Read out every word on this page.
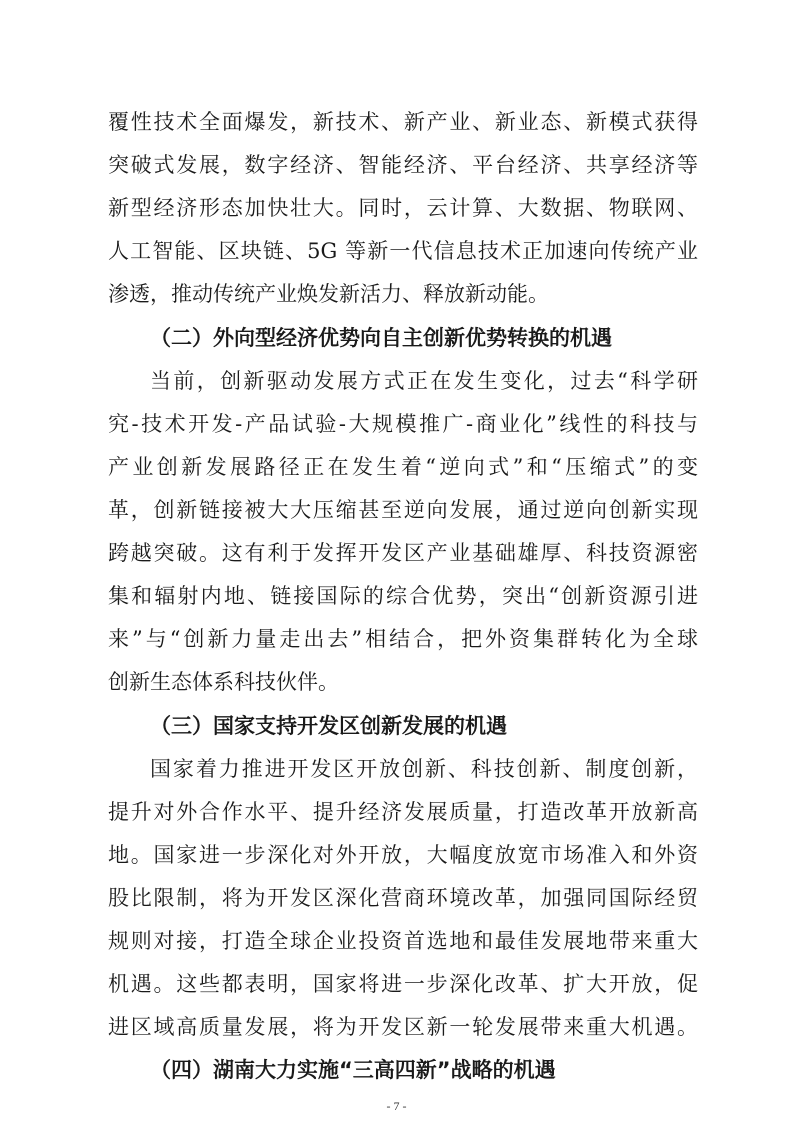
覆性技术全面爆发，新技术、新产业、新业态、新模式获得
突破式发展，数字经济、智能经济、平台经济、共享经济等
新型经济形态加快壮大。同时，云计算、大数据、物联网、
人工智能、区块链、5G 等新一代信息技术正加速向传统产业
渗透，推动传统产业焕发新活力、释放新动能。
（二）外向型经济优势向自主创新优势转换的机遇
当前，创新驱动发展方式正在发生变化，过去“科学研
究-技术开发-产品试验-大规模推广-商业化”线性的科技与
产业创新发展路径正在发生着“逆向式”和“压缩式”的变
革，创新链接被大大压缩甚至逆向发展，通过逆向创新实现
跨越突破。这有利于发挥开发区产业基础雄厚、科技资源密
集和辐射内地、链接国际的综合优势，突出“创新资源引进
来”与“创新力量走出去”相结合，把外资集群转化为全球
创新生态体系科技伙伴。
（三）国家支持开发区创新发展的机遇
国家着力推进开发区开放创新、科技创新、制度创新，
提升对外合作水平、提升经济发展质量，打造改革开放新高
地。国家进一步深化对外开放，大幅度放宽市场准入和外资
股比限制，将为开发区深化营商环境改革，加强同国际经贸
规则对接，打造全球企业投资首选地和最佳发展地带来重大
机遇。这些都表明，国家将进一步深化改革、扩大开放，促
进区域高质量发展，将为开发区新一轮发展带来重大机遇。
（四）湖南大力实施“三高四新”战略的机遇
- 7 -
